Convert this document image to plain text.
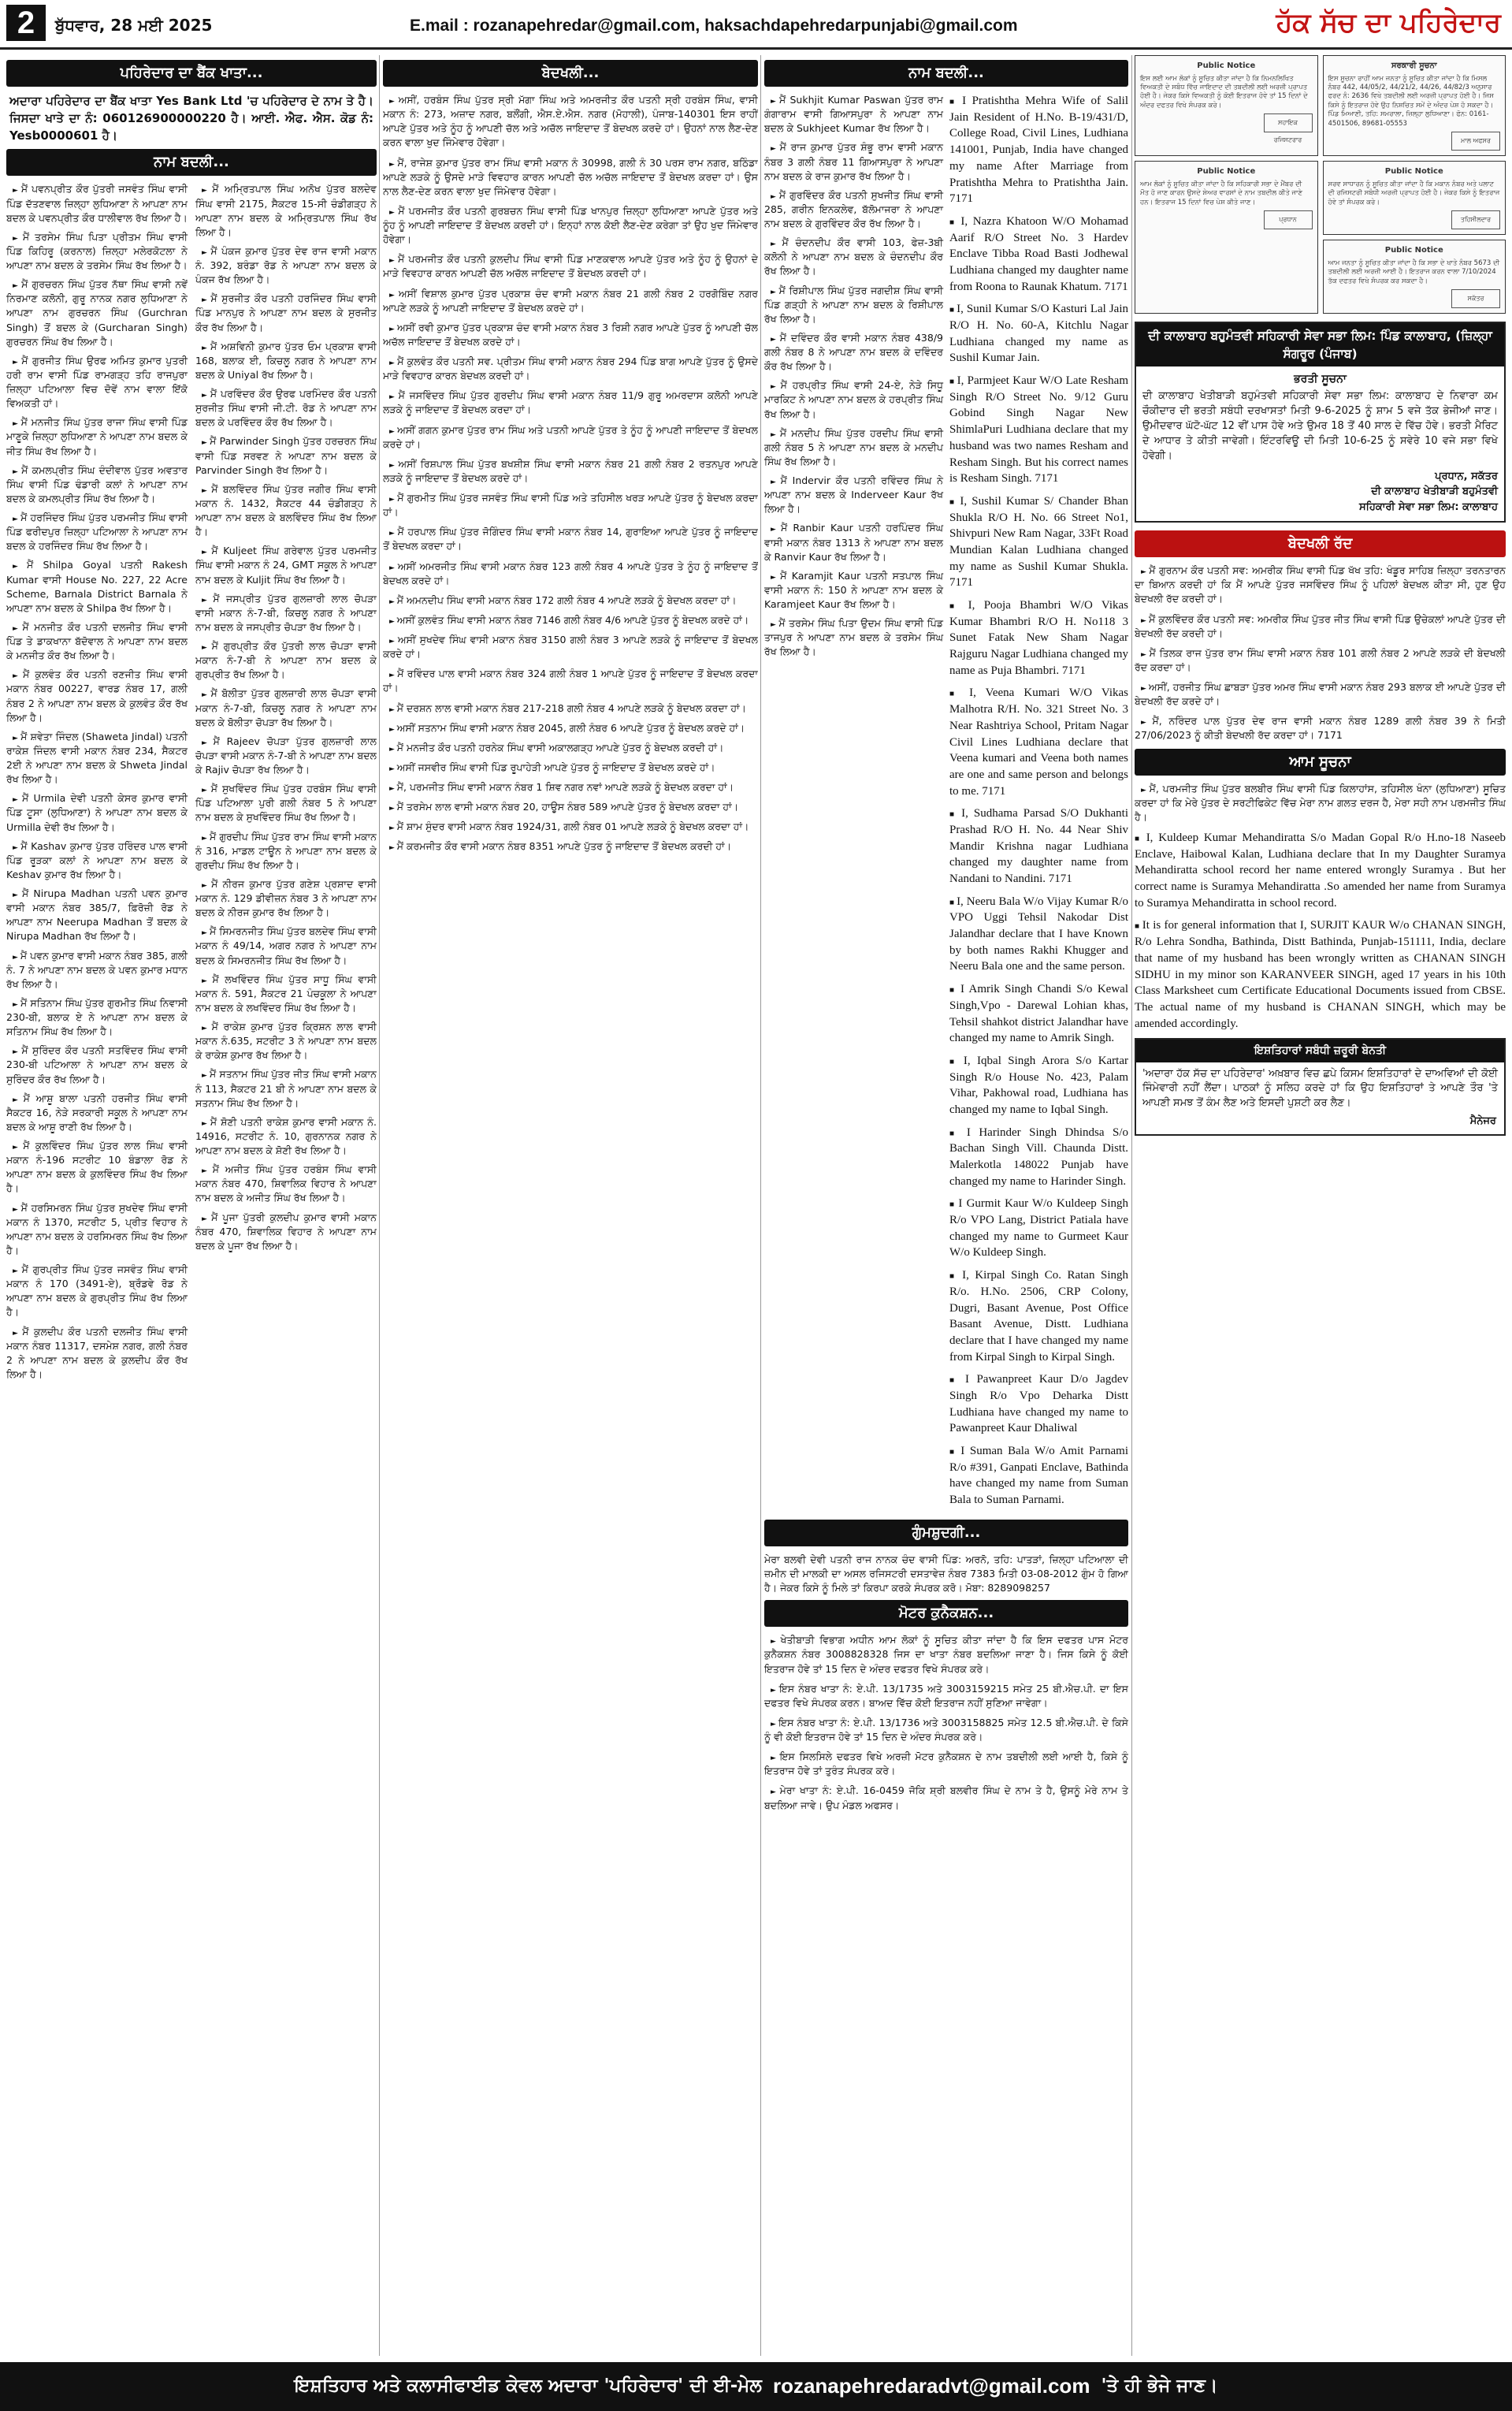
2	ਬੁੱਧਵਾਰ, 28 ਮਈ 2025	E.mail : rozanapehredar@gmail.com, haksachdapehredarpunjabi@gmail.com	ਹੱਕ ਸੱਚ ਦਾ ਪਹਿਰੇਦਾਰ
ਪਹਿਰੇਦਾਰ ਦਾ ਬੈਂਕ ਖਾਤਾ...
ਅਦਾਰਾ ਪਹਿਰੇਦਾਰ ਦਾ ਬੈਂਕ ਖਾਤਾ Yes Bank Ltd 'ਚ ਪਹਿਰੇਦਾਰ ਦੇ ਨਾਮ ਤੇ ਹੈ। ਜਿਸਦਾ ਖਾਤੇ ਦਾ ਨੰ: 060126900000220 ਹੈ। ਆਈ. ਐਫ. ਐਸ. ਕੋਡ ਨੰ: Yesb0000601 ਹੈ।
ਨਾਮ ਬਦਲੀ...
► ਮੈਂ ਪਵਨਪ੍ਰੀਤ ਕੌਰ ਪੁੱਤਰੀ ਜਸਵੰਤ ਸਿੰਘ ਵਾਸੀ ਪਿੰਡ ਦੱਤਣਵਾਲ ਜ਼ਿਲ੍ਹਾ ਲੁਧਿਆਣਾ ਨੇ ਆਪਣਾ ਨਾਮ ਬਦਲ ਕੇ ਪਵਨਪ੍ਰੀਤ ਕੌਰ ਧਾਲੀਵਾਲ ਰੱਖ ਲਿਆ ਹੈ।
► ਮੈਂ ਤਰਸੇਮ ਸਿੰਘ ਪਿਤਾ ਪ੍ਰੀਤਮ ਸਿੰਘ ਵਾਸੀ ਪਿੰਡ ਕਿਹਿਰੂ (ਕਰਨਾਲ) ਜ਼ਿਲ੍ਹਾ ਮਲੇਰਕੋਟਲਾ ਨੇ ਆਪਣਾ ਨਾਮ ਬਦਲ ਕੇ ਤਰਸੇਮ ਸਿੰਘ ਰੱਖ ਲਿਆ ਹੈ।
► ਮੈਂ ਗੁਰਚਰਨ ਸਿੰਘ ਪੁੱਤਰ ਨੱਥਾ ਸਿੰਘ ਵਾਸੀ ਨਵੇਂ ਨਿਰਮਾਣ ਕਲੋਨੀ, ਗੁਰੂ ਨਾਨਕ ਨਗਰ ਲੁਧਿਆਣਾ ਨੇ ਆਪਣਾ ਨਾਮ ਗੁਰਚਰਨ ਸਿੰਘ (Gurchran Singh) ਤੋਂ ਬਦਲ ਕੇ (Gurcharan Singh) ਗੁਰਚਰਨ ਸਿੰਘ ਰੱਖ ਲਿਆ ਹੈ।
► ਮੈਂ ਗੁਰਜੀਤ ਸਿੰਘ ਉਰਫ ਅਮਿਤ ਕੁਮਾਰ ਪੁਤਰੀ ਹਰੀ ਰਾਮ ਵਾਸੀ ਪਿੰਡ ਰਾਮਗੜ੍ਹ ਤਹਿ ਰਾਜਪੁਰਾ ਜ਼ਿਲ੍ਹਾ ਪਟਿਆਲਾ ਵਿਚ ਦੋਵੇਂ ਨਾਮ ਵਾਲਾ ਇੱਕੋ ਵਿਅਕਤੀ ਹਾਂ।
► ਮੈਂ ਮਨਜੀਤ ਸਿੰਘ ਪੁੱਤਰ ਰਾਜਾ ਸਿੰਘ ਵਾਸੀ ਪਿੰਡ ਮਾਣੂਕੇ ਜ਼ਿਲ੍ਹਾ ਲੁਧਿਆਣਾ ਨੇ ਆਪਣਾ ਨਾਮ ਬਦਲ ਕੇ ਜੀਤ ਸਿੰਘ ਰੱਖ ਲਿਆ ਹੈ।
► ਮੈਂ ਕਮਲਪ੍ਰੀਤ ਸਿੰਘ ਦੰਦੀਵਾਲ ਪੁੱਤਰ ਅਵਤਾਰ ਸਿੰਘ ਵਾਸੀ ਪਿੰਡ ਢੰਡਾਰੀ ਕਲਾਂ ਨੇ ਆਪਣਾ ਨਾਮ ਬਦਲ ਕੇ ਕਮਲਪ੍ਰੀਤ ਸਿੰਘ ਰੱਖ ਲਿਆ ਹੈ।
► ਮੈਂ ਹਰਜਿੰਦਰ ਸਿੰਘ ਪੁੱਤਰ ਪਰਮਜੀਤ ਸਿੰਘ ਵਾਸੀ ਪਿੰਡ ਫਰੀਦਪੁਰ ਜ਼ਿਲ੍ਹਾ ਪਟਿਆਲਾ ਨੇ ਆਪਣਾ ਨਾਮ ਬਦਲ ਕੇ ਹਰਜਿੰਦਰ ਸਿੰਘ ਰੱਖ ਲਿਆ ਹੈ।
► ਮੈਂ Shilpa Goyal ਪਤਨੀ Rakesh Kumar ਵਾਸੀ House No. 227, 22 Acre Scheme, Barnala District Barnala ਨੇ ਆਪਣਾ ਨਾਮ ਬਦਲ ਕੇ Shilpa ਰੱਖ ਲਿਆ ਹੈ।
► ਮੈਂ ਮਨਜੀਤ ਕੌਰ ਪਤਨੀ ਦਲਜੀਤ ਸਿੰਘ ਵਾਸੀ ਪਿੰਡ ਤੇ ਡਾਕਖਾਨਾ ਬੱਦੋਵਾਲ ਨੇ ਆਪਣਾ ਨਾਮ ਬਦਲ ਕੇ ਮਨਜੀਤ ਕੌਰ ਰੱਖ ਲਿਆ ਹੈ।
► ਮੈਂ ਕੁਲਵੰਤ ਕੌਰ ਪਤਨੀ ਰਣਜੀਤ ਸਿੰਘ ਵਾਸੀ ਮਕਾਨ ਨੰਬਰ 00227, ਵਾਰਡ ਨੰਬਰ 17, ਗਲੀ ਨੰਬਰ 2 ਨੇ ਆਪਣਾ ਨਾਮ ਬਦਲ ਕੇ ਕੁਲਵੰਤ ਕੌਰ ਰੱਖ ਲਿਆ ਹੈ।
► ਮੈਂ ਸ਼ਵੇਤਾ ਜਿੰਦਲ (Shaweta Jindal) ਪਤਨੀ ਰਾਕੇਸ਼ ਜਿੰਦਲ ਵਾਸੀ ਮਕਾਨ ਨੰਬਰ 234, ਸੈਕਟਰ 2ਈ ਨੇ ਆਪਣਾ ਨਾਮ ਬਦਲ ਕੇ Shweta Jindal ਰੱਖ ਲਿਆ ਹੈ।
► ਮੈਂ Urmila ਦੇਵੀ ਪਤਨੀ ਕੇਸਰ ਕੁਮਾਰ ਵਾਸੀ ਪਿੰਡ ਟੂਸਾ (ਲੁਧਿਆਣਾ) ਨੇ ਆਪਣਾ ਨਾਮ ਬਦਲ ਕੇ Urmilla ਦੇਵੀ ਰੱਖ ਲਿਆ ਹੈ।
► ਮੈਂ Kashav ਕੁਮਾਰ ਪੁੱਤਰ ਹਰਿੰਦਰ ਪਾਲ ਵਾਸੀ ਪਿੰਡ ਰੂੜਕਾ ਕਲਾਂ ਨੇ ਆਪਣਾ ਨਾਮ ਬਦਲ ਕੇ Keshav ਕੁਮਾਰ ਰੱਖ ਲਿਆ ਹੈ।
► ਮੈਂ Nirupa Madhan ਪਤਨੀ ਪਵਨ ਕੁਮਾਰ ਵਾਸੀ ਮਕਾਨ ਨੰਬਰ 385/7, ਫ਼ਿਰੋਜ਼ੀ ਰੋਡ ਨੇ ਆਪਣਾ ਨਾਮ Neerupa Madhan ਤੋਂ ਬਦਲ ਕੇ Nirupa Madhan ਰੱਖ ਲਿਆ ਹੈ।
► ਮੈਂ ਪਵਨ ਕੁਮਾਰ ਵਾਸੀ ਮਕਾਨ ਨੰਬਰ 385, ਗਲੀ ਨੰ. 7 ਨੇ ਆਪਣਾ ਨਾਮ ਬਦਲ ਕੇ ਪਵਨ ਕੁਮਾਰ ਮਧਾਨ ਰੱਖ ਲਿਆ ਹੈ।
► ਮੈਂ ਸਤਿਨਾਮ ਸਿੰਘ ਪੁੱਤਰ ਗੁਰਮੀਤ ਸਿੰਘ ਨਿਵਾਸੀ 230-ਬੀ, ਬਲਾਕ ਏ ਨੇ ਆਪਣਾ ਨਾਮ ਬਦਲ ਕੇ ਸਤਿਨਾਮ ਸਿੰਘ ਰੱਖ ਲਿਆ ਹੈ।
► ਮੈਂ ਸੁਰਿੰਦਰ ਕੌਰ ਪਤਨੀ ਸਤਵਿੰਦਰ ਸਿੰਘ ਵਾਸੀ 230-ਬੀ ਪਟਿਆਲਾ ਨੇ ਆਪਣਾ ਨਾਮ ਬਦਲ ਕੇ ਸੁਰਿੰਦਰ ਕੌਰ ਰੱਖ ਲਿਆ ਹੈ।
► ਮੈਂ ਆਸ਼ੂ ਬਾਲਾ ਪਤਨੀ ਹਰਜੀਤ ਸਿੰਘ ਵਾਸੀ ਸੈਕਟਰ 16, ਨੇੜੇ ਸਰਕਾਰੀ ਸਕੂਲ ਨੇ ਆਪਣਾ ਨਾਮ ਬਦਲ ਕੇ ਆਸ਼ੂ ਰਾਣੀ ਰੱਖ ਲਿਆ ਹੈ।
► ਮੈਂ ਕੁਲਵਿੰਦਰ ਸਿੰਘ ਪੁੱਤਰ ਲਾਲ ਸਿੰਘ ਵਾਸੀ ਮਕਾਨ ਨੰ-196 ਸਟਰੀਟ 10 ਬੰਡਾਲਾ ਰੋਡ ਨੇ ਆਪਣਾ ਨਾਮ ਬਦਲ ਕੇ ਕੁਲਵਿੰਦਰ ਸਿੰਘ ਰੱਖ ਲਿਆ ਹੈ।
► ਮੈਂ ਹਰਸਿਮਰਨ ਸਿੰਘ ਪੁੱਤਰ ਸੁਖਦੇਵ ਸਿੰਘ ਵਾਸੀ ਮਕਾਨ ਨੰ 1370, ਸਟਰੀਟ 5, ਪ੍ਰੀਤ ਵਿਹਾਰ ਨੇ ਆਪਣਾ ਨਾਮ ਬਦਲ ਕੇ ਹਰਸਿਮਰਨ ਸਿੰਘ ਰੱਖ ਲਿਆ ਹੈ।
► ਮੈਂ ਗੁਰਪ੍ਰੀਤ ਸਿੰਘ ਪੁੱਤਰ ਜਸਵੰਤ ਸਿੰਘ ਵਾਸੀ ਮਕਾਨ ਨੰ 170 (3491-ਏ), ਬ੍ਰੌਡਵੇ ਰੋਡ ਨੇ ਆਪਣਾ ਨਾਮ ਬਦਲ ਕੇ ਗੁਰਪ੍ਰੀਤ ਸਿੰਘ ਰੱਖ ਲਿਆ ਹੈ।
► ਮੈਂ ਕੁਲਦੀਪ ਕੌਰ ਪਤਨੀ ਦਲਜੀਤ ਸਿੰਘ ਵਾਸੀ ਮਕਾਨ ਨੰਬਰ 11317, ਦਸਮੇਸ਼ ਨਗਰ, ਗਲੀ ਨੰਬਰ 2 ਨੇ ਆਪਣਾ ਨਾਮ ਬਦਲ ਕੇ ਕੁਲਦੀਪ ਕੌਰ ਰੱਖ ਲਿਆ ਹੈ।
► ਮੈਂ ਅਮ੍ਰਿਤਪਾਲ ਸਿੰਘ ਅਨੋਖ ਪੁੱਤਰ ਬਲਦੇਵ ਸਿੰਘ ਵਾਸੀ 2175, ਸੈਕਟਰ 15-ਸੀ ਚੰਡੀਗੜ੍ਹ ਨੇ ਆਪਣਾ ਨਾਮ ਬਦਲ ਕੇ ਅਮ੍ਰਿਤਪਾਲ ਸਿੰਘ ਰੱਖ ਲਿਆ ਹੈ।
► ਮੈਂ ਪੰਕਜ ਕੁਮਾਰ ਪੁੱਤਰ ਦੇਵ ਰਾਜ ਵਾਸੀ ਮਕਾਨ ਨੰ. 392, ਬਰੰਡਾ ਰੋਡ ਨੇ ਆਪਣਾ ਨਾਮ ਬਦਲ ਕੇ ਪੰਕਜ ਰੱਖ ਲਿਆ ਹੈ।
► ਮੈਂ ਸੁਰਜੀਤ ਕੌਰ ਪਤਨੀ ਹਰਜਿੰਦਰ ਸਿੰਘ ਵਾਸੀ ਪਿੰਡ ਮਾਨਪੁਰ ਨੇ ਆਪਣਾ ਨਾਮ ਬਦਲ ਕੇ ਸੁਰਜੀਤ ਕੌਰ ਰੱਖ ਲਿਆ ਹੈ।
► ਮੈਂ ਅਸ਼ਵਿਨੀ ਕੁਮਾਰ ਪੁੱਤਰ ਓਮ ਪ੍ਰਕਾਸ਼ ਵਾਸੀ 168, ਬਲਾਕ ਈ, ਕਿਚਲੂ ਨਗਰ ਨੇ ਆਪਣਾ ਨਾਮ ਬਦਲ ਕੇ Uniyal ਰੱਖ ਲਿਆ ਹੈ।
► ਮੈਂ ਪਰਵਿੰਦਰ ਕੌਰ ਉਰਫ ਪਰਮਿੰਦਰ ਕੌਰ ਪਤਨੀ ਸੁਰਜੀਤ ਸਿੰਘ ਵਾਸੀ ਜੀ.ਟੀ. ਰੋਡ ਨੇ ਆਪਣਾ ਨਾਮ ਬਦਲ ਕੇ ਪਰਵਿੰਦਰ ਕੌਰ ਰੱਖ ਲਿਆ ਹੈ।
► ਮੈਂ Parwinder Singh ਪੁੱਤਰ ਹਰਚਰਨ ਸਿੰਘ ਵਾਸੀ ਪਿੰਡ ਸਰਵਣ ਨੇ ਆਪਣਾ ਨਾਮ ਬਦਲ ਕੇ Parvinder Singh ਰੱਖ ਲਿਆ ਹੈ।
► ਮੈਂ ਬਲਵਿੰਦਰ ਸਿੰਘ ਪੁੱਤਰ ਜਗੀਰ ਸਿੰਘ ਵਾਸੀ ਮਕਾਨ ਨੰ. 1432, ਸੈਕਟਰ 44 ਚੰਡੀਗੜ੍ਹ ਨੇ ਆਪਣਾ ਨਾਮ ਬਦਲ ਕੇ ਬਲਵਿੰਦਰ ਸਿੰਘ ਰੱਖ ਲਿਆ ਹੈ।
► ਮੈਂ Kuljeet ਸਿੰਘ ਗਰੇਵਾਲ ਪੁੱਤਰ ਪਰਮਜੀਤ ਸਿੰਘ ਵਾਸੀ ਮਕਾਨ ਨੰ 24, GMT ਸਕੂਲ ਨੇ ਆਪਣਾ ਨਾਮ ਬਦਲ ਕੇ Kuljit ਸਿੰਘ ਰੱਖ ਲਿਆ ਹੈ।
► ਮੈਂ ਜਸਪ੍ਰੀਤ ਪੁੱਤਰ ਗੁਲਜ਼ਾਰੀ ਲਾਲ ਚੋਪੜਾ ਵਾਸੀ ਮਕਾਨ ਨੰ-7-ਬੀ, ਕਿਚਲੂ ਨਗਰ ਨੇ ਆਪਣਾ ਨਾਮ ਬਦਲ ਕੇ ਜਸਪ੍ਰੀਤ ਚੋਪੜਾ ਰੱਖ ਲਿਆ ਹੈ।
► ਮੈਂ ਗੁਰਪ੍ਰੀਤ ਕੌਰ ਪੁੱਤਰੀ ਲਾਲ ਚੋਪੜਾ ਵਾਸੀ ਮਕਾਨ ਨੰ-7-ਬੀ ਨੇ ਆਪਣਾ ਨਾਮ ਬਦਲ ਕੇ ਗੁਰਪ੍ਰੀਤ ਰੱਖ ਲਿਆ ਹੈ।
► ਮੈਂ ਬੋਲੀਤਾ ਪੁੱਤਰ ਗੁਲਜ਼ਾਰੀ ਲਾਲ ਚੋਪੜਾ ਵਾਸੀ ਮਕਾਨ ਨੰ-7-ਬੀ, ਕਿਚਲੂ ਨਗਰ ਨੇ ਆਪਣਾ ਨਾਮ ਬਦਲ ਕੇ ਬੋਲੀਤਾ ਚੋਪੜਾ ਰੱਖ ਲਿਆ ਹੈ।
► ਮੈਂ Rajeev ਚੋਪੜਾ ਪੁੱਤਰ ਗੁਲਜ਼ਾਰੀ ਲਾਲ ਚੋਪੜਾ ਵਾਸੀ ਮਕਾਨ ਨੰ-7-ਬੀ ਨੇ ਆਪਣਾ ਨਾਮ ਬਦਲ ਕੇ Rajiv ਚੋਪੜਾ ਰੱਖ ਲਿਆ ਹੈ।
► ਮੈਂ ਸੁਖਵਿੰਦਰ ਸਿੰਘ ਪੁੱਤਰ ਹਰਬੰਸ ਸਿੰਘ ਵਾਸੀ ਪਿੰਡ ਪਟਿਆਲਾ ਪੁਰੀ ਗਲੀ ਨੰਬਰ 5 ਨੇ ਆਪਣਾ ਨਾਮ ਬਦਲ ਕੇ ਸੁਖਵਿੰਦਰ ਸਿੰਘ ਰੱਖ ਲਿਆ ਹੈ।
► ਮੈਂ ਗੁਰਦੀਪ ਸਿੰਘ ਪੁੱਤਰ ਰਾਮ ਸਿੰਘ ਵਾਸੀ ਮਕਾਨ ਨੰ 316, ਮਾਡਲ ਟਾਊਨ ਨੇ ਆਪਣਾ ਨਾਮ ਬਦਲ ਕੇ ਗੁਰਦੀਪ ਸਿੰਘ ਰੱਖ ਲਿਆ ਹੈ।
► ਮੈਂ ਨੀਰਜ ਕੁਮਾਰ ਪੁੱਤਰ ਗਣੇਸ਼ ਪ੍ਰਸ਼ਾਦ ਵਾਸੀ ਮਕਾਨ ਨੰ. 129 ਡੀਵੀਜ਼ਨ ਨੰਬਰ 3 ਨੇ ਆਪਣਾ ਨਾਮ ਬਦਲ ਕੇ ਨੀਰਜ ਕੁਮਾਰ ਰੱਖ ਲਿਆ ਹੈ।
► ਮੈਂ ਸਿਮਰਨਜੀਤ ਸਿੰਘ ਪੁੱਤਰ ਬਲਦੇਵ ਸਿੰਘ ਵਾਸੀ ਮਕਾਨ ਨੰ 49/14, ਅਗਰ ਨਗਰ ਨੇ ਆਪਣਾ ਨਾਮ ਬਦਲ ਕੇ ਸਿਮਰਨਜੀਤ ਸਿੰਘ ਰੱਖ ਲਿਆ ਹੈ।
► ਮੈਂ ਲਖਵਿੰਦਰ ਸਿੰਘ ਪੁੱਤਰ ਸਾਧੂ ਸਿੰਘ ਵਾਸੀ ਮਕਾਨ ਨੰ. 591, ਸੈਕਟਰ 21 ਪੰਚਕੂਲਾ ਨੇ ਆਪਣਾ ਨਾਮ ਬਦਲ ਕੇ ਲਖਵਿੰਦਰ ਸਿੰਘ ਰੱਖ ਲਿਆ ਹੈ।
► ਮੈਂ ਰਾਕੇਸ਼ ਕੁਮਾਰ ਪੁੱਤਰ ਕ੍ਰਿਸ਼ਨ ਲਾਲ ਵਾਸੀ ਮਕਾਨ ਨੰ.635, ਸਟਰੀਟ 3 ਨੇ ਆਪਣਾ ਨਾਮ ਬਦਲ ਕੇ ਰਾਕੇਸ਼ ਕੁਮਾਰ ਰੱਖ ਲਿਆ ਹੈ।
► ਮੈਂ ਸਤਨਾਮ ਸਿੰਘ ਪੁੱਤਰ ਜੀਤ ਸਿੰਘ ਵਾਸੀ ਮਕਾਨ ਨੰ 113, ਸੈਕਟਰ 21 ਬੀ ਨੇ ਆਪਣਾ ਨਾਮ ਬਦਲ ਕੇ ਸਤਨਾਮ ਸਿੰਘ ਰੱਖ ਲਿਆ ਹੈ।
► ਮੈਂ ਸ਼ੋਣੀ ਪਤਨੀ ਰਾਕੇਸ਼ ਕੁਮਾਰ ਵਾਸੀ ਮਕਾਨ ਨੰ. 14916, ਸਟਰੀਟ ਨੰ. 10, ਗੁਰਨਾਨਕ ਨਗਰ ਨੇ ਆਪਣਾ ਨਾਮ ਬਦਲ ਕੇ ਸ਼ੋਣੀ ਰੱਖ ਲਿਆ ਹੈ।
► ਮੈਂ ਅਜੀਤ ਸਿੰਘ ਪੁੱਤਰ ਹਰਬੰਸ ਸਿੰਘ ਵਾਸੀ ਮਕਾਨ ਨੰਬਰ 470, ਸ਼ਿਵਾਲਿਕ ਵਿਹਾਰ ਨੇ ਆਪਣਾ ਨਾਮ ਬਦਲ ਕੇ ਅਜੀਤ ਸਿੰਘ ਰੱਖ ਲਿਆ ਹੈ।
► ਮੈਂ ਪੂਜਾ ਪੁੱਤਰੀ ਕੁਲਦੀਪ ਕੁਮਾਰ ਵਾਸੀ ਮਕਾਨ ਨੰਬਰ 470, ਸ਼ਿਵਾਲਿਕ ਵਿਹਾਰ ਨੇ ਆਪਣਾ ਨਾਮ ਬਦਲ ਕੇ ਪੂਜਾ ਰੱਖ ਲਿਆ ਹੈ।
ਬੇਦਖਲੀ...
► ਅਸੀਂ, ਹਰਬੰਸ ਸਿੰਘ ਪੁੱਤਰ ਸ੍ਰੀ ਮੱਗਾ ਸਿੰਘ ਅਤੇ ਅਮਰਜੀਤ ਕੌਰ ਪਤਨੀ ਸ੍ਰੀ ਹਰਬੰਸ ਸਿੰਘ, ਵਾਸੀ ਮਕਾਨ ਨੰ: 273, ਅਜ਼ਾਦ ਨਗਰ, ਬਲੌਂਗੀ, ਐਸ.ਏ.ਐਸ. ਨਗਰ (ਮੋਹਾਲੀ), ਪੰਜਾਬ-140301 ਇਸ ਰਾਹੀਂ ਆਪਣੇ ਪੁੱਤਰ ਅਤੇ ਨੂੰਹ ਨੂੰ ਆਪਣੀ ਚੱਲ ਅਤੇ ਅਚੱਲ ਜਾਇਦਾਦ ਤੋਂ ਬੇਦਖਲ ਕਰਦੇ ਹਾਂ। ਉਹਨਾਂ ਨਾਲ ਲੈਣ-ਦੇਣ ਕਰਨ ਵਾਲਾ ਖੁਦ ਜਿੰਮੇਵਾਰ ਹੋਵੇਗਾ।
► ਮੈਂ, ਰਾਜੇਸ਼ ਕੁਮਾਰ ਪੁੱਤਰ ਰਾਮ ਸਿੰਘ ਵਾਸੀ ਮਕਾਨ ਨੰ 30998, ਗਲੀ ਨੰ 30 ਪਰਸ ਰਾਮ ਨਗਰ, ਬਠਿੰਡਾ ਆਪਣੇ ਲੜਕੇ ਨੂੰ ਉਸਦੇ ਮਾੜੇ ਵਿਵਹਾਰ ਕਾਰਨ ਆਪਣੀ ਚੱਲ ਅਚੱਲ ਜਾਇਦਾਦ ਤੋਂ ਬੇਦਖਲ ਕਰਦਾ ਹਾਂ। ਉਸ ਨਾਲ ਲੈਣ-ਦੇਣ ਕਰਨ ਵਾਲਾ ਖੁਦ ਜਿੰਮੇਵਾਰ ਹੋਵੇਗਾ।
► ਮੈਂ ਪਰਮਜੀਤ ਕੌਰ ਪਤਨੀ ਗੁਰਬਚਨ ਸਿੰਘ ਵਾਸੀ ਪਿੰਡ ਖਾਨਪੁਰ ਜ਼ਿਲ੍ਹਾ ਲੁਧਿਆਣਾ ਆਪਣੇ ਪੁੱਤਰ ਅਤੇ ਨੂੰਹ ਨੂੰ ਆਪਣੀ ਜਾਇਦਾਦ ਤੋਂ ਬੇਦਖਲ ਕਰਦੀ ਹਾਂ। ਇਨ੍ਹਾਂ ਨਾਲ ਕੋਈ ਲੈਣ-ਦੇਣ ਕਰੇਗਾ ਤਾਂ ਉਹ ਖੁਦ ਜਿੰਮੇਵਾਰ ਹੋਵੇਗਾ।
► ਮੈਂ ਪਰਮਜੀਤ ਕੌਰ ਪਤਨੀ ਕੁਲਦੀਪ ਸਿੰਘ ਵਾਸੀ ਪਿੰਡ ਮਾਣਕਵਾਲ ਆਪਣੇ ਪੁੱਤਰ ਅਤੇ ਨੂੰਹ ਨੂੰ ਉਹਨਾਂ ਦੇ ਮਾੜੇ ਵਿਵਹਾਰ ਕਾਰਨ ਆਪਣੀ ਚੱਲ ਅਚੱਲ ਜਾਇਦਾਦ ਤੋਂ ਬੇਦਖਲ ਕਰਦੀ ਹਾਂ।
► ਅਸੀਂ ਵਿਸ਼ਾਲ ਕੁਮਾਰ ਪੁੱਤਰ ਪ੍ਰਕਾਸ਼ ਚੰਦ ਵਾਸੀ ਮਕਾਨ ਨੰਬਰ 21 ਗਲੀ ਨੰਬਰ 2 ਹਰਗੋਬਿੰਦ ਨਗਰ ਆਪਣੇ ਲੜਕੇ ਨੂੰ ਆਪਣੀ ਜਾਇਦਾਦ ਤੋਂ ਬੇਦਖਲ ਕਰਦੇ ਹਾਂ।
► ਅਸੀਂ ਰਵੀ ਕੁਮਾਰ ਪੁੱਤਰ ਪ੍ਰਕਾਸ਼ ਚੰਦ ਵਾਸੀ ਮਕਾਨ ਨੰਬਰ 3 ਰਿਸ਼ੀ ਨਗਰ ਆਪਣੇ ਪੁੱਤਰ ਨੂੰ ਆਪਣੀ ਚੱਲ ਅਚੱਲ ਜਾਇਦਾਦ ਤੋਂ ਬੇਦਖਲ ਕਰਦੇ ਹਾਂ।
► ਮੈਂ ਕੁਲਵੰਤ ਕੌਰ ਪਤਨੀ ਸਵ. ਪ੍ਰੀਤਮ ਸਿੰਘ ਵਾਸੀ ਮਕਾਨ ਨੰਬਰ 294 ਪਿੰਡ ਬਾਗ ਆਪਣੇ ਪੁੱਤਰ ਨੂੰ ਉਸਦੇ ਮਾੜੇ ਵਿਵਹਾਰ ਕਾਰਨ ਬੇਦਖਲ ਕਰਦੀ ਹਾਂ।
► ਮੈਂ ਜਸਵਿੰਦਰ ਸਿੰਘ ਪੁੱਤਰ ਗੁਰਦੀਪ ਸਿੰਘ ਵਾਸੀ ਮਕਾਨ ਨੰਬਰ 11/9 ਗੁਰੂ ਅਮਰਦਾਸ ਕਲੋਨੀ ਆਪਣੇ ਲੜਕੇ ਨੂੰ ਜਾਇਦਾਦ ਤੋਂ ਬੇਦਖਲ ਕਰਦਾ ਹਾਂ।
► ਅਸੀਂ ਗਗਨ ਕੁਮਾਰ ਪੁੱਤਰ ਰਾਮ ਸਿੰਘ ਅਤੇ ਪਤਨੀ ਆਪਣੇ ਪੁੱਤਰ ਤੇ ਨੂੰਹ ਨੂੰ ਆਪਣੀ ਜਾਇਦਾਦ ਤੋਂ ਬੇਦਖਲ ਕਰਦੇ ਹਾਂ।
► ਅਸੀਂ ਰਿਸ਼ਪਾਲ ਸਿੰਘ ਪੁੱਤਰ ਬਖਸ਼ੀਸ਼ ਸਿੰਘ ਵਾਸੀ ਮਕਾਨ ਨੰਬਰ 21 ਗਲੀ ਨੰਬਰ 2 ਰਤਨਪੁਰ ਆਪਣੇ ਲੜਕੇ ਨੂੰ ਜਾਇਦਾਦ ਤੋਂ ਬੇਦਖਲ ਕਰਦੇ ਹਾਂ।
► ਮੈਂ ਗੁਰਮੀਤ ਸਿੰਘ ਪੁੱਤਰ ਜਸਵੰਤ ਸਿੰਘ ਵਾਸੀ ਪਿੰਡ ਅਤੇ ਤਹਿਸੀਲ ਖਰੜ ਆਪਣੇ ਪੁੱਤਰ ਨੂੰ ਬੇਦਖਲ ਕਰਦਾ ਹਾਂ।
► ਮੈਂ ਹਰਪਾਲ ਸਿੰਘ ਪੁੱਤਰ ਜੋਗਿੰਦਰ ਸਿੰਘ ਵਾਸੀ ਮਕਾਨ ਨੰਬਰ 14, ਗੁਰਾਇਆ ਆਪਣੇ ਪੁੱਤਰ ਨੂੰ ਜਾਇਦਾਦ ਤੋਂ ਬੇਦਖਲ ਕਰਦਾ ਹਾਂ।
► ਅਸੀਂ ਅਮਰਜੀਤ ਸਿੰਘ ਵਾਸੀ ਮਕਾਨ ਨੰਬਰ 123 ਗਲੀ ਨੰਬਰ 4 ਆਪਣੇ ਪੁੱਤਰ ਤੇ ਨੂੰਹ ਨੂੰ ਜਾਇਦਾਦ ਤੋਂ ਬੇਦਖਲ ਕਰਦੇ ਹਾਂ।
► ਮੈਂ ਅਮਨਦੀਪ ਸਿੰਘ ਵਾਸੀ ਮਕਾਨ ਨੰਬਰ 172 ਗਲੀ ਨੰਬਰ 4 ਆਪਣੇ ਲੜਕੇ ਨੂੰ ਬੇਦਖਲ ਕਰਦਾ ਹਾਂ।
► ਅਸੀਂ ਕੁਲਵੰਤ ਸਿੰਘ ਵਾਸੀ ਮਕਾਨ ਨੰਬਰ 7146 ਗਲੀ ਨੰਬਰ 4/6 ਆਪਣੇ ਪੁੱਤਰ ਨੂੰ ਬੇਦਖਲ ਕਰਦੇ ਹਾਂ।
► ਅਸੀਂ ਸੁਖਦੇਵ ਸਿੰਘ ਵਾਸੀ ਮਕਾਨ ਨੰਬਰ 3150 ਗਲੀ ਨੰਬਰ 3 ਆਪਣੇ ਲੜਕੇ ਨੂੰ ਜਾਇਦਾਦ ਤੋਂ ਬੇਦਖਲ ਕਰਦੇ ਹਾਂ।
► ਮੈਂ ਰਵਿੰਦਰ ਪਾਲ ਵਾਸੀ ਮਕਾਨ ਨੰਬਰ 324 ਗਲੀ ਨੰਬਰ 1 ਆਪਣੇ ਪੁੱਤਰ ਨੂੰ ਜਾਇਦਾਦ ਤੋਂ ਬੇਦਖਲ ਕਰਦਾ ਹਾਂ।
► ਮੈਂ ਦਰਸ਼ਨ ਲਾਲ ਵਾਸੀ ਮਕਾਨ ਨੰਬਰ 217-218 ਗਲੀ ਨੰਬਰ 4 ਆਪਣੇ ਲੜਕੇ ਨੂੰ ਬੇਦਖਲ ਕਰਦਾ ਹਾਂ।
► ਅਸੀਂ ਸਤਨਾਮ ਸਿੰਘ ਵਾਸੀ ਮਕਾਨ ਨੰਬਰ 2045, ਗਲੀ ਨੰਬਰ 6 ਆਪਣੇ ਪੁੱਤਰ ਨੂੰ ਬੇਦਖਲ ਕਰਦੇ ਹਾਂ।
► ਮੈਂ ਮਨਜੀਤ ਕੌਰ ਪਤਨੀ ਹਰਨੇਕ ਸਿੰਘ ਵਾਸੀ ਅਕਾਲਗੜ੍ਹ ਆਪਣੇ ਪੁੱਤਰ ਨੂੰ ਬੇਦਖਲ ਕਰਦੀ ਹਾਂ।
► ਅਸੀਂ ਜਸਵੀਰ ਸਿੰਘ ਵਾਸੀ ਪਿੰਡ ਰੂਪਾਹੇੜੀ ਆਪਣੇ ਪੁੱਤਰ ਨੂੰ ਜਾਇਦਾਦ ਤੋਂ ਬੇਦਖਲ ਕਰਦੇ ਹਾਂ।
► ਮੈਂ, ਪਰਮਜੀਤ ਸਿੰਘ ਵਾਸੀ ਮਕਾਨ ਨੰਬਰ 1 ਸ਼ਿਵ ਨਗਰ ਨਵਾਂ ਆਪਣੇ ਲੜਕੇ ਨੂੰ ਬੇਦਖਲ ਕਰਦਾ ਹਾਂ।
► ਮੈਂ ਤਰਸੇਮ ਲਾਲ ਵਾਸੀ ਮਕਾਨ ਨੰਬਰ 20, ਹਾਊਸ ਨੰਬਰ 589 ਆਪਣੇ ਪੁੱਤਰ ਨੂੰ ਬੇਦਖਲ ਕਰਦਾ ਹਾਂ।
► ਮੈਂ ਸ਼ਾਮ ਸੁੰਦਰ ਵਾਸੀ ਮਕਾਨ ਨੰਬਰ 1924/31, ਗਲੀ ਨੰਬਰ 01 ਆਪਣੇ ਲੜਕੇ ਨੂੰ ਬੇਦਖਲ ਕਰਦਾ ਹਾਂ।
► ਮੈਂ ਕਰਮਜੀਤ ਕੌਰ ਵਾਸੀ ਮਕਾਨ ਨੰਬਰ 8351 ਆਪਣੇ ਪੁੱਤਰ ਨੂੰ ਜਾਇਦਾਦ ਤੋਂ ਬੇਦਖਲ ਕਰਦੀ ਹਾਂ।
ਨਾਮ ਬਦਲੀ...
► ਮੈਂ Sukhjit Kumar Paswan ਪੁੱਤਰ ਰਾਮ ਗੰਗਾਰਾਮ ਵਾਸੀ ਗਿਆਸਪੁਰਾ ਨੇ ਆਪਣਾ ਨਾਮ ਬਦਲ ਕੇ Sukhjeet Kumar ਰੱਖ ਲਿਆ ਹੈ।
► ਮੈਂ ਰਾਜ ਕੁਮਾਰ ਪੁੱਤਰ ਸ਼ੰਭੂ ਰਾਮ ਵਾਸੀ ਮਕਾਨ ਨੰਬਰ 3 ਗਲੀ ਨੰਬਰ 11 ਗਿਆਸਪੁਰਾ ਨੇ ਆਪਣਾ ਨਾਮ ਬਦਲ ਕੇ ਰਾਜ ਕੁਮਾਰ ਰੱਖ ਲਿਆ ਹੈ।
► ਮੈਂ ਗੁਰਵਿੰਦਰ ਕੌਰ ਪਤਨੀ ਸੁਖਜੀਤ ਸਿੰਘ ਵਾਸੀ 285, ਗਰੀਨ ਇਨਕਲੇਵ, ਬੱਲੋਮਾਜਰਾ ਨੇ ਆਪਣਾ ਨਾਮ ਬਦਲ ਕੇ ਗੁਰਵਿੰਦਰ ਕੌਰ ਰੱਖ ਲਿਆ ਹੈ।
► ਮੈਂ ਚੰਦਨਦੀਪ ਕੌਰ ਵਾਸੀ 103, ਫੇਜ਼-3ਬੀ ਕਲੋਨੀ ਨੇ ਆਪਣਾ ਨਾਮ ਬਦਲ ਕੇ ਚੰਦਨਦੀਪ ਕੌਰ ਰੱਖ ਲਿਆ ਹੈ।
► ਮੈਂ ਰਿਸ਼ੀਪਾਲ ਸਿੰਘ ਪੁੱਤਰ ਜਗਦੀਸ਼ ਸਿੰਘ ਵਾਸੀ ਪਿੰਡ ਗੜ੍ਹੀ ਨੇ ਆਪਣਾ ਨਾਮ ਬਦਲ ਕੇ ਰਿਸ਼ੀਪਾਲ ਰੱਖ ਲਿਆ ਹੈ।
► ਮੈਂ ਦਵਿੰਦਰ ਕੌਰ ਵਾਸੀ ਮਕਾਨ ਨੰਬਰ 438/9 ਗਲੀ ਨੰਬਰ 8 ਨੇ ਆਪਣਾ ਨਾਮ ਬਦਲ ਕੇ ਦਵਿੰਦਰ ਕੌਰ ਰੱਖ ਲਿਆ ਹੈ।
► ਮੈਂ ਹਰਪ੍ਰੀਤ ਸਿੰਘ ਵਾਸੀ 24-ਏ, ਨੇੜੇ ਸਿਧੂ ਮਾਰਕਿਟ ਨੇ ਆਪਣਾ ਨਾਮ ਬਦਲ ਕੇ ਹਰਪ੍ਰੀਤ ਸਿੰਘ ਰੱਖ ਲਿਆ ਹੈ।
► ਮੈਂ ਮਨਦੀਪ ਸਿੰਘ ਪੁੱਤਰ ਹਰਦੀਪ ਸਿੰਘ ਵਾਸੀ ਗਲੀ ਨੰਬਰ 5 ਨੇ ਆਪਣਾ ਨਾਮ ਬਦਲ ਕੇ ਮਨਦੀਪ ਸਿੰਘ ਰੱਖ ਲਿਆ ਹੈ।
► ਮੈਂ Indervir ਕੌਰ ਪਤਨੀ ਰਵਿੰਦਰ ਸਿੰਘ ਨੇ ਆਪਣਾ ਨਾਮ ਬਦਲ ਕੇ Inderveer Kaur ਰੱਖ ਲਿਆ ਹੈ।
► ਮੈਂ Ranbir Kaur ਪਤਨੀ ਹਰਪਿੰਦਰ ਸਿੰਘ ਵਾਸੀ ਮਕਾਨ ਨੰਬਰ 1313 ਨੇ ਆਪਣਾ ਨਾਮ ਬਦਲ ਕੇ Ranvir Kaur ਰੱਖ ਲਿਆ ਹੈ।
► ਮੈਂ Karamjit Kaur ਪਤਨੀ ਸਤਪਾਲ ਸਿੰਘ ਵਾਸੀ ਮਕਾਨ ਨੰ: 150 ਨੇ ਆਪਣਾ ਨਾਮ ਬਦਲ ਕੇ Karamjeet Kaur ਰੱਖ ਲਿਆ ਹੈ।
► ਮੈਂ ਤਰਸੇਮ ਸਿੰਘ ਪਿਤਾ ਉਦਮ ਸਿੰਘ ਵਾਸੀ ਪਿੰਡ ਤਾਜਪੁਰ ਨੇ ਆਪਣਾ ਨਾਮ ਬਦਲ ਕੇ ਤਰਸੇਮ ਸਿੰਘ ਰੱਖ ਲਿਆ ਹੈ।
■ I Pratishtha Mehra Wife of Salil Jain Resident of H.No. B-19/431/D, College Road, Civil Lines, Ludhiana 141001, Punjab, India have changed my name After Marriage from Pratishtha Mehra to Pratishtha Jain. 7171
■ I, Nazra Khatoon W/O Mohamad Aarif R/O Street No. 3 Hardev Enclave Tibba Road Basti Jodhewal Ludhiana changed my daughter name from Roona to Raunak Khatum. 7171
■ I, Sunil Kumar S/O Kasturi Lal Jain R/O H. No. 60-A, Kitchlu Nagar Ludhiana changed my name as Sushil Kumar Jain.
■ I, Parmjeet Kaur W/O Late Resham Singh R/O Street No. 9/12 Guru Gobind Singh Nagar New ShimlaPuri Ludhiana declare that my husband was two names Resham and Resham Singh. But his correct names is Resham Singh. 7171
■ I, Sushil Kumar S/ Chander Bhan Shukla R/O H. No. 66 Street No1, Shivpuri New Ram Nagar, 33Ft Road Mundian Kalan Ludhiana changed my name as Sushil Kumar Shukla. 7171
■ I, Pooja Bhambri W/O Vikas Kumar Bhambri R/O H. No118 3 Sunet Fatak New Sham Nagar Rajguru Nagar Ludhiana changed my name as Puja Bhambri. 7171
■ I, Veena Kumari W/O Vikas Malhotra R/H. No. 321 Street No. 3 Near Rashtriya School, Pritam Nagar Civil Lines Ludhiana declare that Veena kumari and Veena both names are one and same person and belongs to me. 7171
■ I, Sudhama Parsad S/O Dukhanti Prashad R/O H. No. 44 Near Shiv Mandir Krishna nagar Ludhiana changed my daughter name from Nandani to Nandini. 7171
■ I, Neeru Bala W/o Vijay Kumar R/o VPO Uggi Tehsil Nakodar Dist Jalandhar declare that I have Known by both names Rakhi Khugger and Neeru Bala one and the same person.
■ I Amrik Singh Chandi S/o Kewal Singh,Vpo - Darewal Lohian khas, Tehsil shahkot district Jalandhar have changed my name to Amrik Singh.
■ I, Iqbal Singh Arora S/o Kartar Singh R/o House No. 423, Palam Vihar, Pakhowal road, Ludhiana has changed my name to Iqbal Singh.
■ I Harinder Singh Dhindsa S/o Bachan Singh Vill. Chaunda Distt. Malerkotla 148022 Punjab have changed my name to Harinder Singh.
■ I Gurmit Kaur W/o Kuldeep Singh R/o VPO Lang, District Patiala have changed my name to Gurmeet Kaur W/o Kuldeep Singh.
■ I, Kirpal Singh Co. Ratan Singh R/o. H.No. 2506, CRP Colony, Dugri, Basant Avenue, Post Office Basant Avenue, Distt. Ludhiana declare that I have changed my name from Kirpal Singh to Kirpal Singh.
■ I Pawanpreet Kaur D/o Jagdev Singh R/o Vpo Deharka Distt Ludhiana have changed my name to Pawanpreet Kaur Dhaliwal
■ I Suman Bala W/o Amit Parnami R/o #391, Ganpati Enclave, Bathinda have changed my name from Suman Bala to Suman Parnami.
ਗੁੰਮਸ਼ੁਦਗੀ...
ਮੇਰਾ ਬਲਵੀ ਦੇਵੀ ਪਤਨੀ ਰਾਜ ਨਾਨਕ ਚੰਦ ਵਾਸੀ ਪਿੰਡ: ਅਰਨੋ, ਤਹਿ: ਪਾਤੜਾਂ, ਜ਼ਿਲ੍ਹਾ ਪਟਿਆਲਾ ਦੀ ਜ਼ਮੀਨ ਦੀ ਮਾਲਕੀ ਦਾ ਅਸਲ ਰਜਿਸਟਰੀ ਦਸਤਾਵੇਜ਼ ਨੰਬਰ 7383 ਮਿਤੀ 03-08-2012 ਗੁੰਮ ਹੋ ਗਿਆ ਹੈ। ਜੇਕਰ ਕਿਸੇ ਨੂੰ ਮਿਲੇ ਤਾਂ ਕਿਰਪਾ ਕਰਕੇ ਸੰਪਰਕ ਕਰੋ। ਮੋਬਾ: 8289098257
ਮੋਟਰ ਕੁਨੈਕਸ਼ਨ...
► ਖੇਤੀਬਾੜੀ ਵਿਭਾਗ ਅਧੀਨ ਆਮ ਲੋਕਾਂ ਨੂੰ ਸੂਚਿਤ ਕੀਤਾ ਜਾਂਦਾ ਹੈ ਕਿ ਇਸ ਦਫਤਰ ਪਾਸ ਮੋਟਰ ਕੁਨੈਕਸ਼ਨ ਨੰਬਰ 3008828328 ਜਿਸ ਦਾ ਖਾਤਾ ਨੰਬਰ ਬਦਲਿਆ ਜਾਣਾ ਹੈ। ਜਿਸ ਕਿਸੇ ਨੂੰ ਕੋਈ ਇਤਰਾਜ ਹੋਵੇ ਤਾਂ 15 ਦਿਨ ਦੇ ਅੰਦਰ ਦਫਤਰ ਵਿਖੇ ਸੰਪਰਕ ਕਰੇ।
► ਇਸ ਨੰਬਰ ਖਾਤਾ ਨੰ: ਏ.ਪੀ. 13/1735 ਅਤੇ 3003159215 ਸਮੇਤ 25 ਬੀ.ਐਚ.ਪੀ. ਦਾ ਇਸ ਦਫਤਰ ਵਿਖੇ ਸੰਪਰਕ ਕਰਨ। ਬਾਅਦ ਵਿੱਚ ਕੋਈ ਇਤਰਾਜ ਨਹੀਂ ਸੁਣਿਆ ਜਾਵੇਗਾ।
► ਇਸ ਨੰਬਰ ਖਾਤਾ ਨੰ: ਏ.ਪੀ. 13/1736 ਅਤੇ 3003158825 ਸਮੇਤ 12.5 ਬੀ.ਐਚ.ਪੀ. ਦੇ ਕਿਸੇ ਨੂੰ ਵੀ ਕੋਈ ਇਤਰਾਜ ਹੋਵੇ ਤਾਂ 15 ਦਿਨ ਦੇ ਅੰਦਰ ਸੰਪਰਕ ਕਰੇ।
► ਇਸ ਸਿਲਸਿਲੇ ਦਫਤਰ ਵਿਖੇ ਅਰਜ਼ੀ ਮੋਟਰ ਕੁਨੈਕਸ਼ਨ ਦੇ ਨਾਮ ਤਬਦੀਲੀ ਲਈ ਆਈ ਹੈ, ਕਿਸੇ ਨੂੰ ਇਤਰਾਜ ਹੋਵੇ ਤਾਂ ਤੁਰੰਤ ਸੰਪਰਕ ਕਰੇ।
► ਮੇਰਾ ਖਾਤਾ ਨੰ: ਏ.ਪੀ. 16-0459 ਜੋਕਿ ਸ਼੍ਰੀ ਬਲਵੀਰ ਸਿੰਘ ਦੇ ਨਾਮ ਤੇ ਹੈ, ਉਸਨੂੰ ਮੇਰੇ ਨਾਮ ਤੇ ਬਦਲਿਆ ਜਾਵੇ। ਉਪ ਮੰਡਲ ਅਫਸਰ।
Public Notice
ਇਸ ਲਈ ਆਮ ਲੋਕਾਂ ਨੂੰ ਸੂਚਿਤ ਕੀਤਾ ਜਾਂਦਾ ਹੈ ਕਿ ਨਿਮਨਲਿਖਿਤ ਵਿਅਕਤੀ ਦੇ ਸਬੰਧ ਵਿੱਚ ਜਾਇਦਾਦ ਦੀ ਤਬਦੀਲੀ ਲਈ ਅਰਜ਼ੀ ਪ੍ਰਾਪਤ ਹੋਈ ਹੈ। ਜੇਕਰ ਕਿਸੇ ਵਿਅਕਤੀ ਨੂੰ ਕੋਈ ਇਤਰਾਜ ਹੋਵੇ ਤਾਂ 15 ਦਿਨਾਂ ਦੇ ਅੰਦਰ ਦਫਤਰ ਵਿਖੇ ਸੰਪਰਕ ਕਰੇ।
ਸਹਾਇਕ ਰਜਿਸਟਰਾਰ
ਸਰਕਾਰੀ ਸੂਚਨਾ
ਇਸ ਸੂਚਨਾ ਰਾਹੀਂ ਆਮ ਜਨਤਾ ਨੂੰ ਸੂਚਿਤ ਕੀਤਾ ਜਾਂਦਾ ਹੈ ਕਿ ਮਿਸਲ ਨੰਬਰ 442, 44/05/2, 44/21/2, 44/26, 44/82/3 ਅਨੁਸਾਰ ਫਰਦ ਨੰ: 2636 ਵਿਖੇ ਤਬਦੀਲੀ ਲਈ ਅਰਜ਼ੀ ਪ੍ਰਾਪਤ ਹੋਈ ਹੈ। ਜਿਸ ਕਿਸੇ ਨੂੰ ਇਤਰਾਜ਼ ਹੋਵੇ ਉਹ ਨਿਸ਼ਚਿਤ ਸਮੇਂ ਦੇ ਅੰਦਰ ਪੇਸ਼ ਹੋ ਸਕਦਾ ਹੈ। ਪਿੰਡ ਮਿਆਣੀ, ਤਹਿ: ਸਮਰਾਲਾ, ਜ਼ਿਲ੍ਹਾ ਲੁਧਿਆਣਾ। ਫੋਨ: 0161-4501506, 89681-05553
ਮਾਲ ਅਫਸਰ
Public Notice
ਆਮ ਲੋਕਾਂ ਨੂੰ ਸੂਚਿਤ ਕੀਤਾ ਜਾਂਦਾ ਹੈ ਕਿ ਸਹਿਕਾਰੀ ਸਭਾ ਦੇ ਮੈਂਬਰ ਦੀ ਮੌਤ ਹੋ ਜਾਣ ਕਾਰਨ ਉਸਦੇ ਸ਼ੇਅਰ ਵਾਰਸਾਂ ਦੇ ਨਾਮ ਤਬਦੀਲ ਕੀਤੇ ਜਾਣੇ ਹਨ। ਇਤਰਾਜ 15 ਦਿਨਾਂ ਵਿਚ ਪੇਸ਼ ਕੀਤੇ ਜਾਣ।
ਪ੍ਰਧਾਨ
Public Notice
ਸਰਵ ਸਾਧਾਰਨ ਨੂੰ ਸੂਚਿਤ ਕੀਤਾ ਜਾਂਦਾ ਹੈ ਕਿ ਮਕਾਨ ਨੰਬਰ ਅਤੇ ਪਲਾਟ ਦੀ ਰਜਿਸਟਰੀ ਸਬੰਧੀ ਅਰਜ਼ੀ ਪ੍ਰਾਪਤ ਹੋਈ ਹੈ। ਜੇਕਰ ਕਿਸੇ ਨੂੰ ਇਤਰਾਜ ਹੋਵੇ ਤਾਂ ਸੰਪਰਕ ਕਰੇ।
ਤਹਿਸੀਲਦਾਰ
Public Notice
ਆਮ ਜਨਤਾ ਨੂੰ ਸੂਚਿਤ ਕੀਤਾ ਜਾਂਦਾ ਹੈ ਕਿ ਸਭਾ ਦੇ ਖਾਤੇ ਨੰਬਰ 5673 ਦੀ ਤਬਦੀਲੀ ਲਈ ਅਰਜ਼ੀ ਆਈ ਹੈ। ਇਤਰਾਜ ਕਰਨ ਵਾਲਾ 7/10/2024 ਤੱਕ ਦਫਤਰ ਵਿਖੇ ਸੰਪਰਕ ਕਰ ਸਕਦਾ ਹੈ।
ਸਕੱਤਰ
ਦੀ ਕਾਲਾਬਾਹ ਬਹੁਮੰਤਵੀ ਸਹਿਕਾਰੀ ਸੇਵਾ ਸਭਾ ਲਿਮ: ਪਿੰਡ ਕਾਲਾਬਾਹ, (ਜ਼ਿਲ੍ਹਾ ਸੰਗਰੂਰ (ਪੰਜਾਬ)
ਭਰਤੀ ਸੂਚਨਾ
ਦੀ ਕਾਲਾਬਾਹ ਖੇਤੀਬਾੜੀ ਬਹੁਮੰਤਵੀ ਸਹਿਕਾਰੀ ਸੇਵਾ ਸਭਾ ਲਿਮ: ਕਾਲਾਬਾਹ ਦੇ ਨਿਵਾਰਾ ਕਮ ਚੌਕੀਦਾਰ ਦੀ ਭਰਤੀ ਸਬੰਧੀ ਦਰਖਾਸਤਾਂ ਮਿਤੀ 9-6-2025 ਨੂੰ ਸ਼ਾਮ 5 ਵਜੇ ਤੱਕ ਭੇਜੀਆਂ ਜਾਣ। ਉਮੀਦਵਾਰ ਘੱਟੋ-ਘੱਟ 12 ਵੀਂ ਪਾਸ ਹੋਵੇ ਅਤੇ ਉਮਰ 18 ਤੋਂ 40 ਸਾਲ ਦੇ ਵਿੱਚ ਹੋਵੇ। ਭਰਤੀ ਮੈਰਿਟ ਦੇ ਆਧਾਰ ਤੇ ਕੀਤੀ ਜਾਵੇਗੀ। ਇੰਟਰਵਿਊ ਦੀ ਮਿਤੀ 10-6-25 ਨੂੰ ਸਵੇਰੇ 10 ਵਜੇ ਸਭਾ ਵਿਖੇ ਹੋਵੇਗੀ।
ਪ੍ਰਧਾਨ, ਸਕੱਤਰ
ਦੀ ਕਾਲਾਬਾਹ ਖੇਤੀਬਾੜੀ ਬਹੁਮੰਤਵੀ
ਸਹਿਕਾਰੀ ਸੇਵਾ ਸਭਾ ਲਿਮ: ਕਾਲਾਬਾਹ
ਬੇਦਖਲੀ ਰੱਦ
► ਮੈਂ ਗੁਰਨਾਮ ਕੌਰ ਪਤਨੀ ਸਵ: ਅਮਰੀਕ ਸਿੰਘ ਵਾਸੀ ਪਿੰਡ ਖੱਖ ਤਹਿ: ਖੰਡੂਰ ਸਾਹਿਬ ਜ਼ਿਲ੍ਹਾ ਤਰਨਤਾਰਨ ਦਾ ਬਿਆਨ ਕਰਦੀ ਹਾਂ ਕਿ ਮੈਂ ਆਪਣੇ ਪੁੱਤਰ ਜਸਵਿੰਦਰ ਸਿੰਘ ਨੂੰ ਪਹਿਲਾਂ ਬੇਦਖਲ ਕੀਤਾ ਸੀ, ਹੁਣ ਉਹ ਬੇਦਖਲੀ ਰੱਦ ਕਰਦੀ ਹਾਂ।
► ਮੈਂ ਕੁਲਵਿੰਦਰ ਕੌਰ ਪਤਨੀ ਸਵ: ਅਮਰੀਕ ਸਿੰਘ ਪੁੱਤਰ ਜੀਤ ਸਿੰਘ ਵਾਸੀ ਪਿੰਡ ਉਚੇਕਲਾਂ ਆਪਣੇ ਪੁੱਤਰ ਦੀ ਬੇਦਖਲੀ ਰੱਦ ਕਰਦੀ ਹਾਂ।
► ਮੈਂ ਤਿਲਕ ਰਾਜ ਪੁੱਤਰ ਰਾਮ ਸਿੰਘ ਵਾਸੀ ਮਕਾਨ ਨੰਬਰ 101 ਗਲੀ ਨੰਬਰ 2 ਆਪਣੇ ਲੜਕੇ ਦੀ ਬੇਦਖਲੀ ਰੱਦ ਕਰਦਾ ਹਾਂ।
► ਅਸੀਂ, ਹਰਜੀਤ ਸਿੰਘ ਛਾਬੜਾ ਪੁੱਤਰ ਅਮਰ ਸਿੰਘ ਵਾਸੀ ਮਕਾਨ ਨੰਬਰ 293 ਬਲਾਕ ਈ ਆਪਣੇ ਪੁੱਤਰ ਦੀ ਬੇਦਖਲੀ ਰੱਦ ਕਰਦੇ ਹਾਂ।
► ਮੈਂ, ਨਰਿੰਦਰ ਪਾਲ ਪੁੱਤਰ ਦੇਵ ਰਾਜ ਵਾਸੀ ਮਕਾਨ ਨੰਬਰ 1289 ਗਲੀ ਨੰਬਰ 39 ਨੇ ਮਿਤੀ 27/06/2023 ਨੂੰ ਕੀਤੀ ਬੇਦਖਲੀ ਰੱਦ ਕਰਦਾ ਹਾਂ। 7171
ਆਮ ਸੂਚਨਾ
► ਮੈਂ, ਪਰਮਜੀਤ ਸਿੰਘ ਪੁੱਤਰ ਬਲਬੀਰ ਸਿੰਘ ਵਾਸੀ ਪਿੰਡ ਕਿਲਾਹਾਂਸ, ਤਹਿਸੀਲ ਖੰਨਾ (ਲੁਧਿਆਣਾ) ਸੂਚਿਤ ਕਰਦਾ ਹਾਂ ਕਿ ਮੇਰੇ ਪੁੱਤਰ ਦੇ ਸਰਟੀਫਿਕੇਟ ਵਿੱਚ ਮੇਰਾ ਨਾਮ ਗਲਤ ਦਰਜ ਹੈ, ਮੇਰਾ ਸਹੀ ਨਾਮ ਪਰਮਜੀਤ ਸਿੰਘ ਹੈ।
■ I, Kuldeep Kumar Mehandiratta S/o Madan Gopal R/o H.no-18 Naseeb Enclave, Haibowal Kalan, Ludhiana declare that In my Daughter Suramya Mehandiratta school record her name entered wrongly Suramya . But her correct name is Suramya Mehandiratta .So amended her name from Suramya to Suramya Mehandiratta in school record.
■ It is for general information that I, SURJIT KAUR W/o CHANAN SINGH, R/o Lehra Sondha, Bathinda, Distt Bathinda, Punjab-151111, India, declare that name of my husband has been wrongly written as CHANAN SINGH SIDHU in my minor son KARANVEER SINGH, aged 17 years in his 10th Class Marksheet cum Certificate Educational Documents issued from CBSE. The actual name of my husband is CHANAN SINGH, which may be amended accordingly.
ਇਸ਼ਤਿਹਾਰਾਂ ਸਬੰਧੀ ਜ਼ਰੂਰੀ ਬੇਨਤੀ
'ਅਦਾਰਾ ਹੱਕ ਸੱਚ ਦਾ ਪਹਿਰੇਦਾਰ' ਅਖ਼ਬਾਰ ਵਿਚ ਛਪੇ ਕਿਸਮ ਇਸ਼ਤਿਹਾਰਾਂ ਦੇ ਦਾਅਵਿਆਂ ਦੀ ਕੋਈ ਜਿੰਮੇਵਾਰੀ ਨਹੀਂ ਲੈਂਦਾ। ਪਾਠਕਾਂ ਨੂੰ ਸਲਿਹ ਕਰਦੇ ਹਾਂ ਕਿ ਉਹ ਇਸ਼ਤਿਹਾਰਾਂ ਤੇ ਆਪਣੇ ਤੌਰ 'ਤੇ ਆਪਣੀ ਸਮਝ ਤੋਂ ਕੰਮ ਲੈਣ ਅਤੇ ਇਸਦੀ ਪੁਸ਼ਟੀ ਕਰ ਲੈਣ।
ਮੈਨੇਜਰ
ਇਸ਼ਤਿਹਾਰ ਅਤੇ ਕਲਾਸੀਫਾਈਡ ਕੇਵਲ ਅਦਾਰਾ 'ਪਹਿਰੇਦਾਰ' ਦੀ ਈ-ਮੇਲ rozanapehredaradvt@gmail.com 'ਤੇ ਹੀ ਭੇਜੇ ਜਾਣ।
